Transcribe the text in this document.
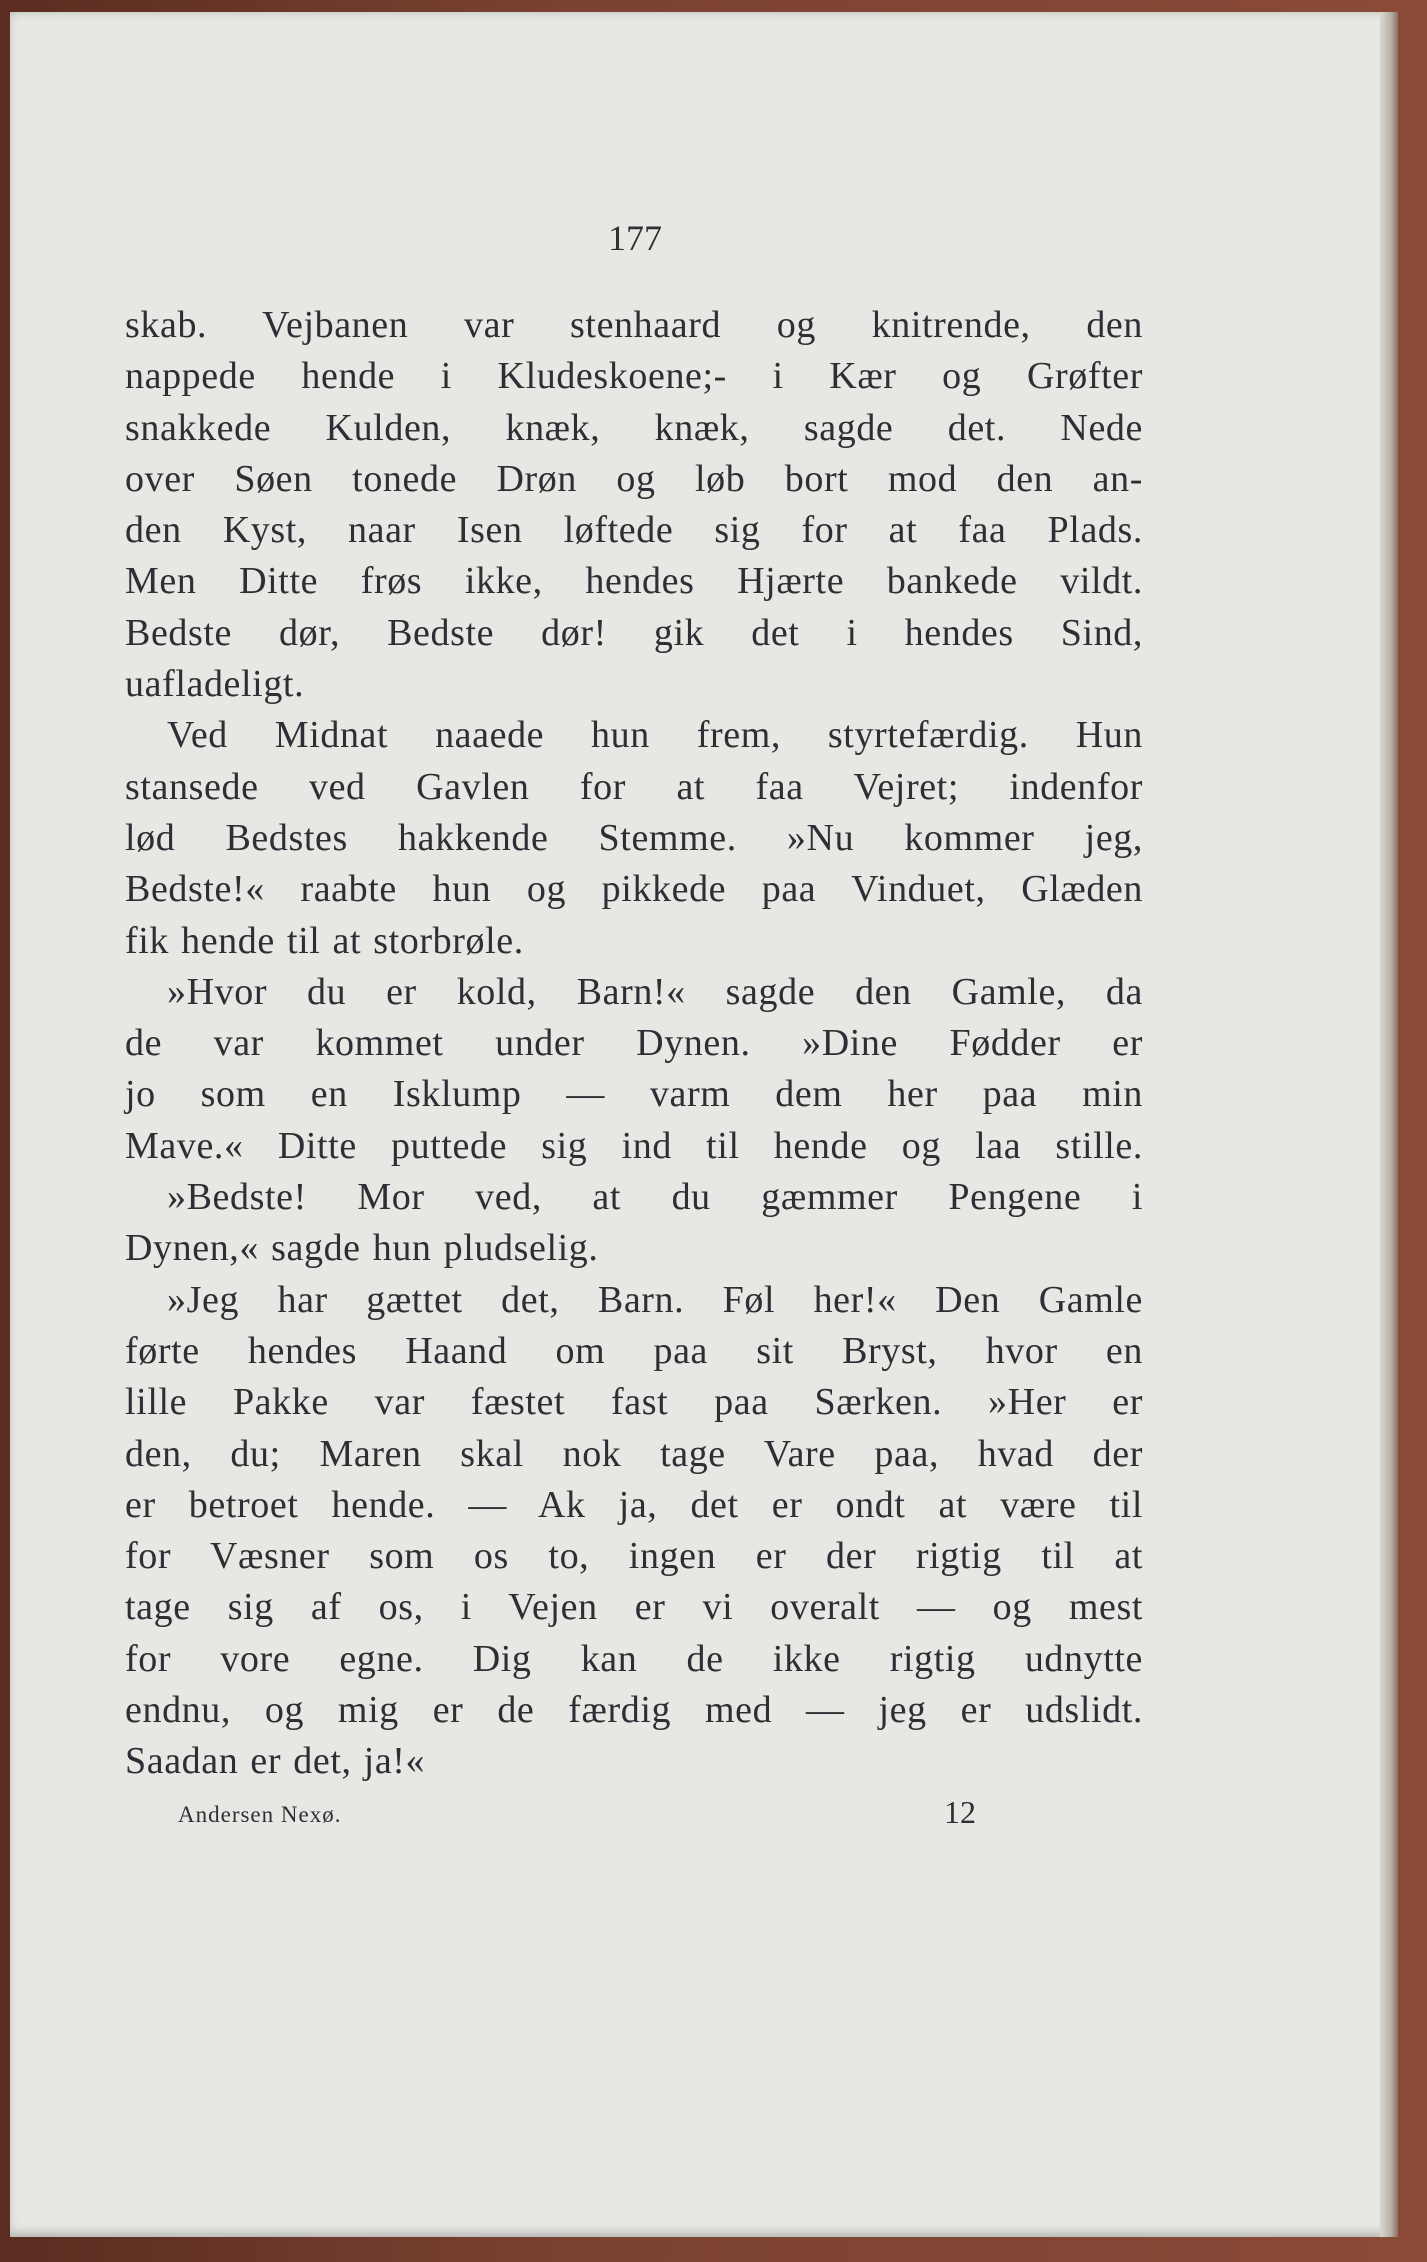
177
skab. Vejbanen var stenhaard og knitrende, den
nappede hende i Kludeskoene;- i Kær og Grøfter
snakkede Kulden, knæk, knæk, sagde det. Nede
over Søen tonede Drøn og løb bort mod den an-
den Kyst, naar Isen løftede sig for at faa Plads.
Men Ditte frøs ikke, hendes Hjærte bankede vildt.
Bedste dør, Bedste dør! gik det i hendes Sind,
uafladeligt.
Ved Midnat naaede hun frem, styrtefærdig. Hun
stansede ved Gavlen for at faa Vejret; indenfor
lød Bedstes hakkende Stemme. »Nu kommer jeg,
Bedste!« raabte hun og pikkede paa Vinduet, Glæden
fik hende til at storbrøle.
»Hvor du er kold, Barn!« sagde den Gamle, da
de var kommet under Dynen. »Dine Fødder er
jo som en Isklump — varm dem her paa min
Mave.« Ditte puttede sig ind til hende og laa stille.
»Bedste! Mor ved, at du gæmmer Pengene i
Dynen,« sagde hun pludselig.
»Jeg har gættet det, Barn. Føl her!« Den Gamle
førte hendes Haand om paa sit Bryst, hvor en
lille Pakke var fæstet fast paa Særken. »Her er
den, du; Maren skal nok tage Vare paa, hvad der
er betroet hende. — Ak ja, det er ondt at være til
for Væsner som os to, ingen er der rigtig til at
tage sig af os, i Vejen er vi overalt — og mest
for vore egne. Dig kan de ikke rigtig udnytte
endnu, og mig er de færdig med — jeg er udslidt.
Saadan er det, ja!«
Andersen Nexø.	12
